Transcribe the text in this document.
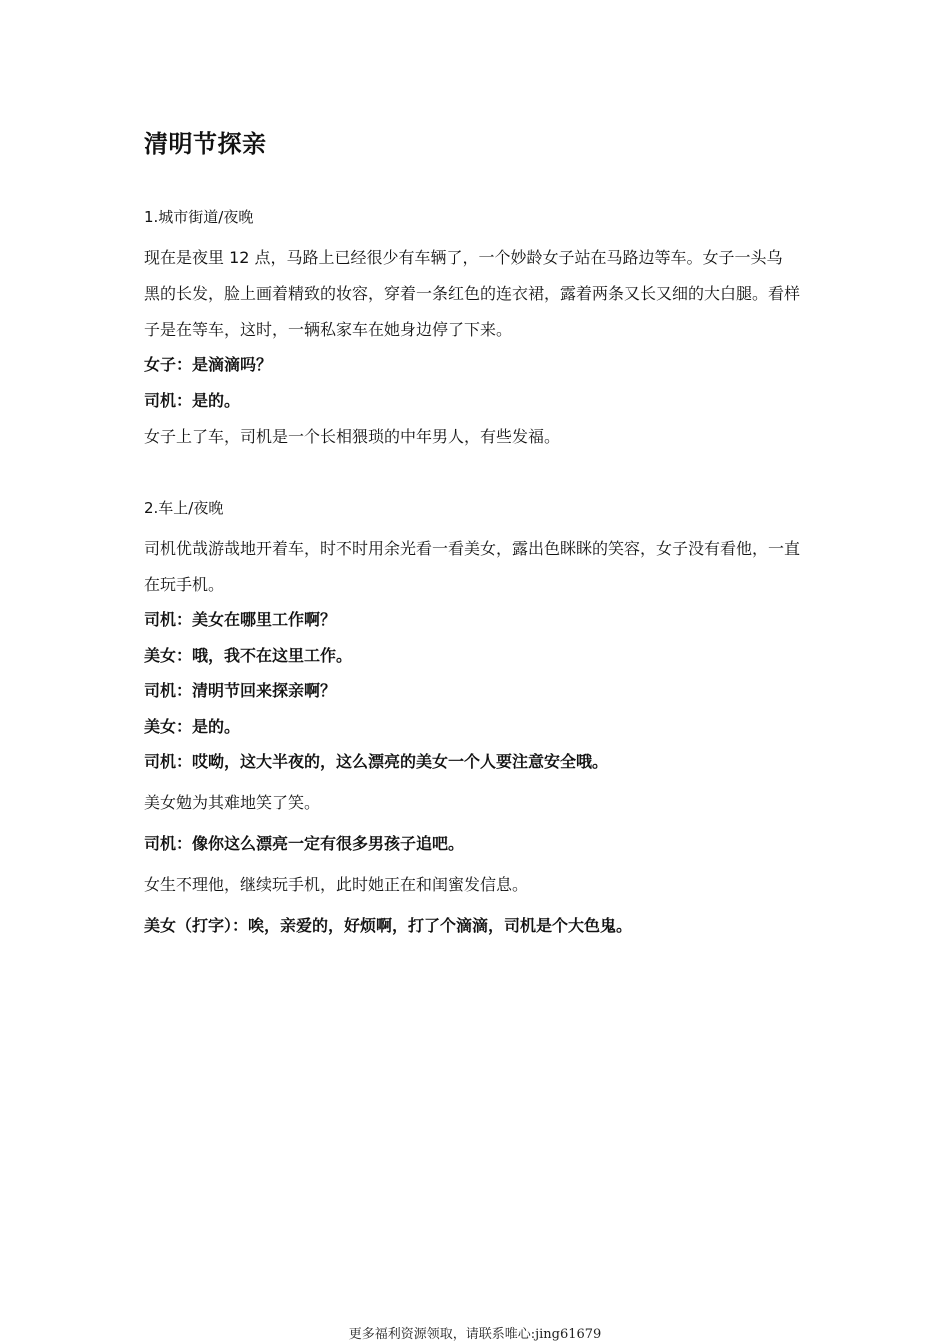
清明节探亲
1.城市街道/夜晚
现在是夜里 12 点，马路上已经很少有车辆了，一个妙龄女子站在马路边等车。女子一头乌
黑的长发，脸上画着精致的妆容，穿着一条红色的连衣裙，露着两条又长又细的大白腿。看样
子是在等车，这时，一辆私家车在她身边停了下来。
女子：是滴滴吗？
司机：是的。
女子上了车，司机是一个长相猥琐的中年男人，有些发福。
2.车上/夜晚
司机优哉游哉地开着车，时不时用余光看一看美女，露出色眯眯的笑容，女子没有看他，一直
在玩手机。
司机：美女在哪里工作啊？
美女：哦，我不在这里工作。
司机：清明节回来探亲啊？
美女：是的。
司机：哎呦，这大半夜的，这么漂亮的美女一个人要注意安全哦。
美女勉为其难地笑了笑。
司机：像你这么漂亮一定有很多男孩子追吧。
女生不理他，继续玩手机，此时她正在和闺蜜发信息。
美女（打字）：唉，亲爱的，好烦啊，打了个滴滴，司机是个大色鬼。
更多福利资源领取，请联系唯心:jing61679
